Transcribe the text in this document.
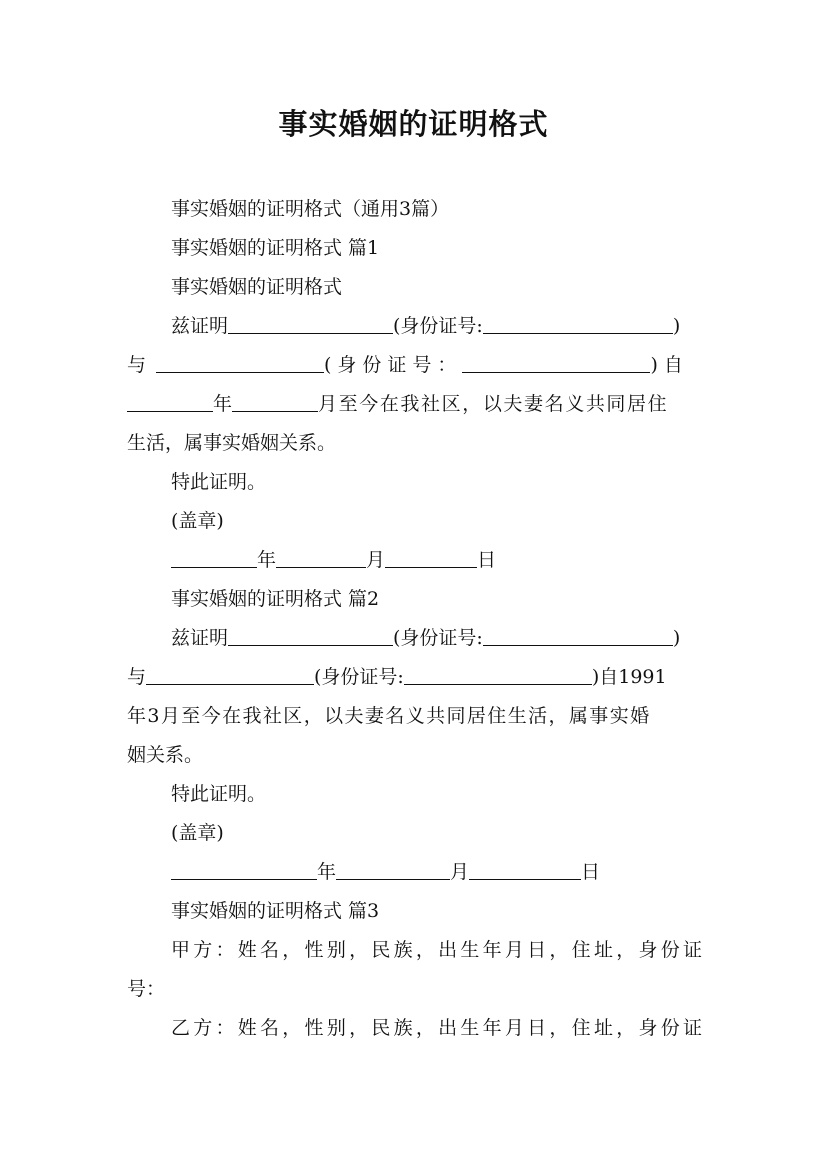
事实婚姻的证明格式
事实婚姻的证明格式（通用3篇）
事实婚姻的证明格式 篇1
事实婚姻的证明格式
兹证明	(身份证号:	)
与	(身份证号：	)自
年	月至今在我社区，以夫妻名义共同居住
生活，属事实婚姻关系。
特此证明。
(盖章)
年	月	日
事实婚姻的证明格式 篇2
兹证明	(身份证号:	)
与	(身份证号:	)自1991
年3月至今在我社区，以夫妻名义共同居住生活，属事实婚
姻关系。
特此证明。
(盖章)
年	月	日
事实婚姻的证明格式 篇3
甲方：姓名，性别，民族，出生年月日，住址，身份证
号：
乙方：姓名，性别，民族，出生年月日，住址，身份证
